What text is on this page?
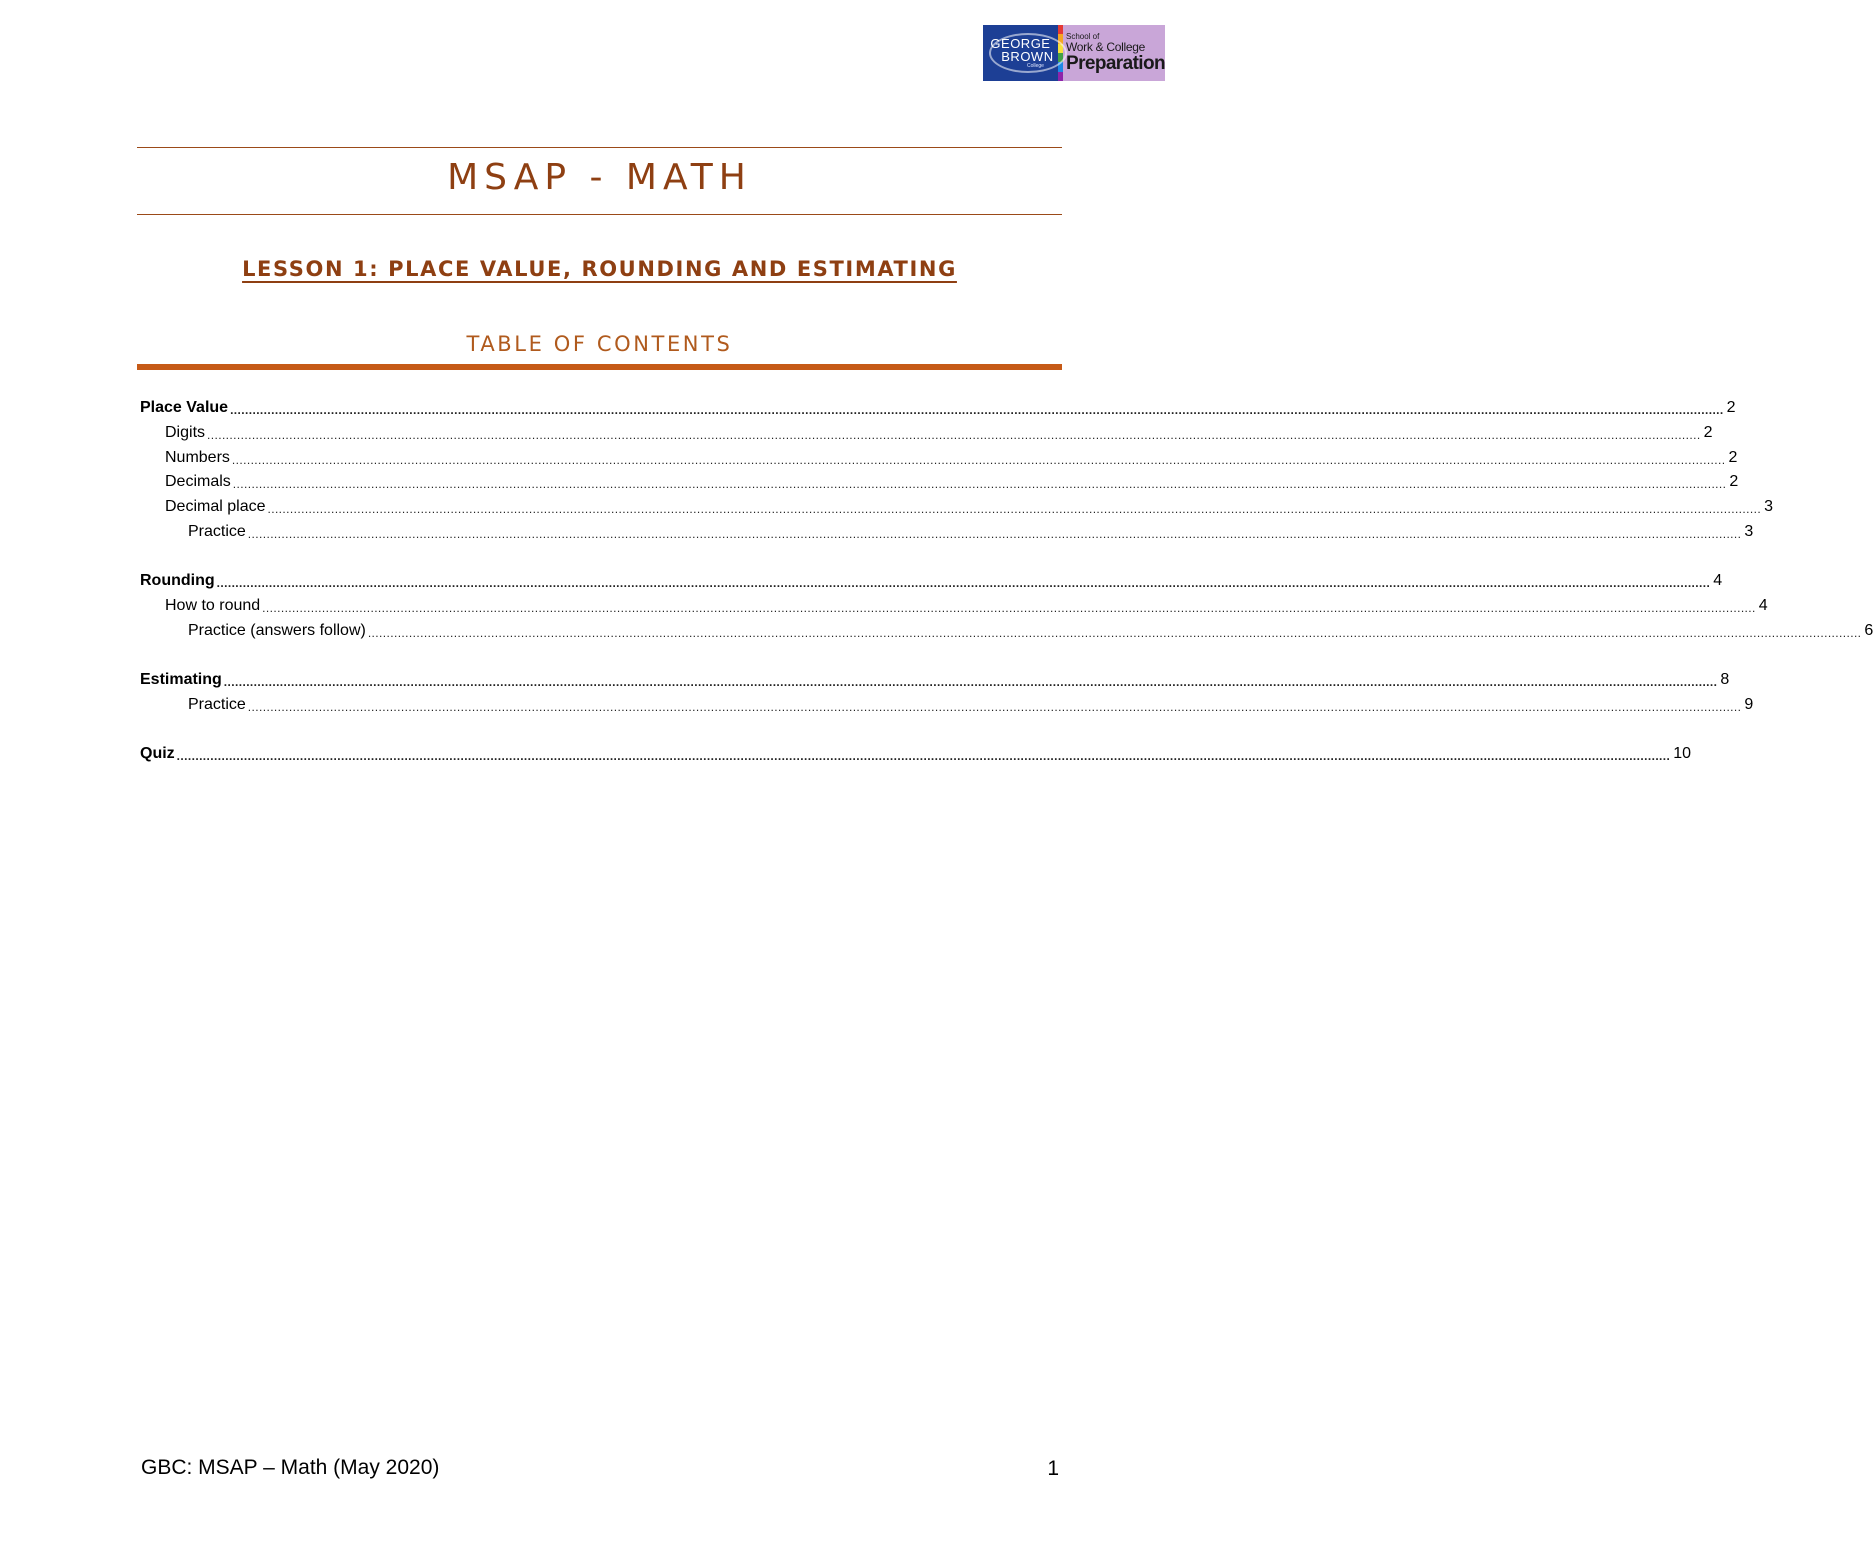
GEORGE
BROWN
College
School of
Work & College
Preparation
MSAP - MATH
LESSON 1: PLACE VALUE, ROUNDING AND ESTIMATING
TABLE OF CONTENTS
Place Value ................................................................................................................................................................................................................................................................................................................................................................................................................ 2
Digits ................................................................................................................................................................................................................................................................................................................................................................................................................ 2
Numbers ................................................................................................................................................................................................................................................................................................................................................................................................................ 2
Decimals ................................................................................................................................................................................................................................................................................................................................................................................................................ 2
Decimal place ................................................................................................................................................................................................................................................................................................................................................................................................................ 3
Practice ................................................................................................................................................................................................................................................................................................................................................................................................................ 3
Rounding ................................................................................................................................................................................................................................................................................................................................................................................................................ 4
How to round ................................................................................................................................................................................................................................................................................................................................................................................................................ 4
Practice (answers follow) ................................................................................................................................................................................................................................................................................................................................................................................................................ 6
Estimating ................................................................................................................................................................................................................................................................................................................................................................................................................ 8
Practice ................................................................................................................................................................................................................................................................................................................................................................................................................ 9
Quiz ................................................................................................................................................................................................................................................................................................................................................................................................................ 10
GBC: MSAP – Math (May 2020)	1
